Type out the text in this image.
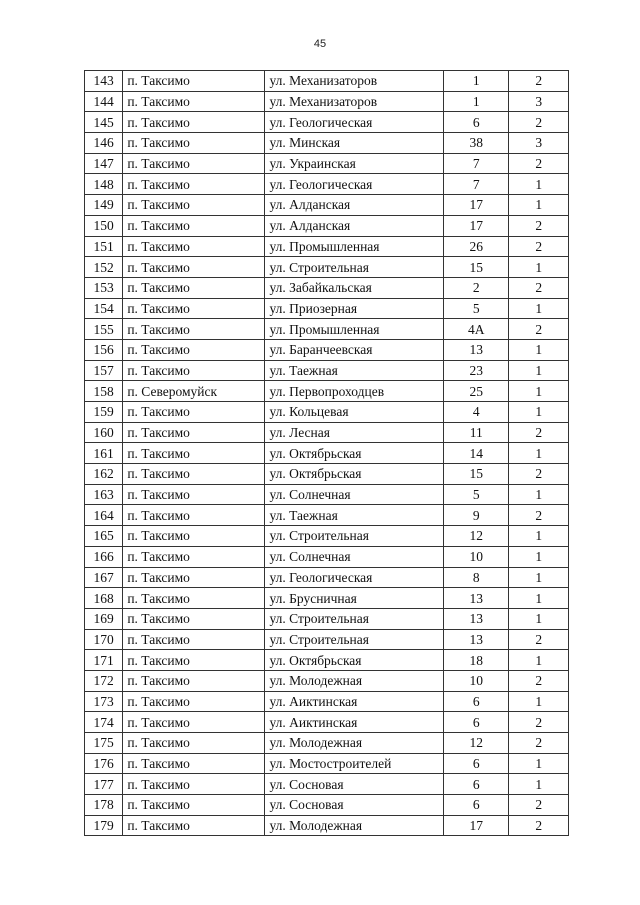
45
143	п. Таксимо	ул. Механизаторов	1	2
144	п. Таксимо	ул. Механизаторов	1	3
145	п. Таксимо	ул. Геологическая	6	2
146	п. Таксимо	ул. Минская	38	3
147	п. Таксимо	ул. Украинская	7	2
148	п. Таксимо	ул. Геологическая	7	1
149	п. Таксимо	ул. Алданская	17	1
150	п. Таксимо	ул. Алданская	17	2
151	п. Таксимо	ул. Промышленная	26	2
152	п. Таксимо	ул. Строительная	15	1
153	п. Таксимо	ул. Забайкальская	2	2
154	п. Таксимо	ул. Приозерная	5	1
155	п. Таксимо	ул. Промышленная	4А	2
156	п. Таксимо	ул. Баранчеевская	13	1
157	п. Таксимо	ул. Таежная	23	1
158	п. Северомуйск	ул. Первопроходцев	25	1
159	п. Таксимо	ул. Кольцевая	4	1
160	п. Таксимо	ул. Лесная	11	2
161	п. Таксимо	ул. Октябрьская	14	1
162	п. Таксимо	ул. Октябрьская	15	2
163	п. Таксимо	ул. Солнечная	5	1
164	п. Таксимо	ул. Таежная	9	2
165	п. Таксимо	ул. Строительная	12	1
166	п. Таксимо	ул. Солнечная	10	1
167	п. Таксимо	ул. Геологическая	8	1
168	п. Таксимо	ул. Брусничная	13	1
169	п. Таксимо	ул. Строительная	13	1
170	п. Таксимо	ул. Строительная	13	2
171	п. Таксимо	ул. Октябрьская	18	1
172	п. Таксимо	ул. Молодежная	10	2
173	п. Таксимо	ул. Аиктинская	6	1
174	п. Таксимо	ул. Аиктинская	6	2
175	п. Таксимо	ул. Молодежная	12	2
176	п. Таксимо	ул. Мостостроителей	6	1
177	п. Таксимо	ул. Сосновая	6	1
178	п. Таксимо	ул. Сосновая	6	2
179	п. Таксимо	ул. Молодежная	17	2
